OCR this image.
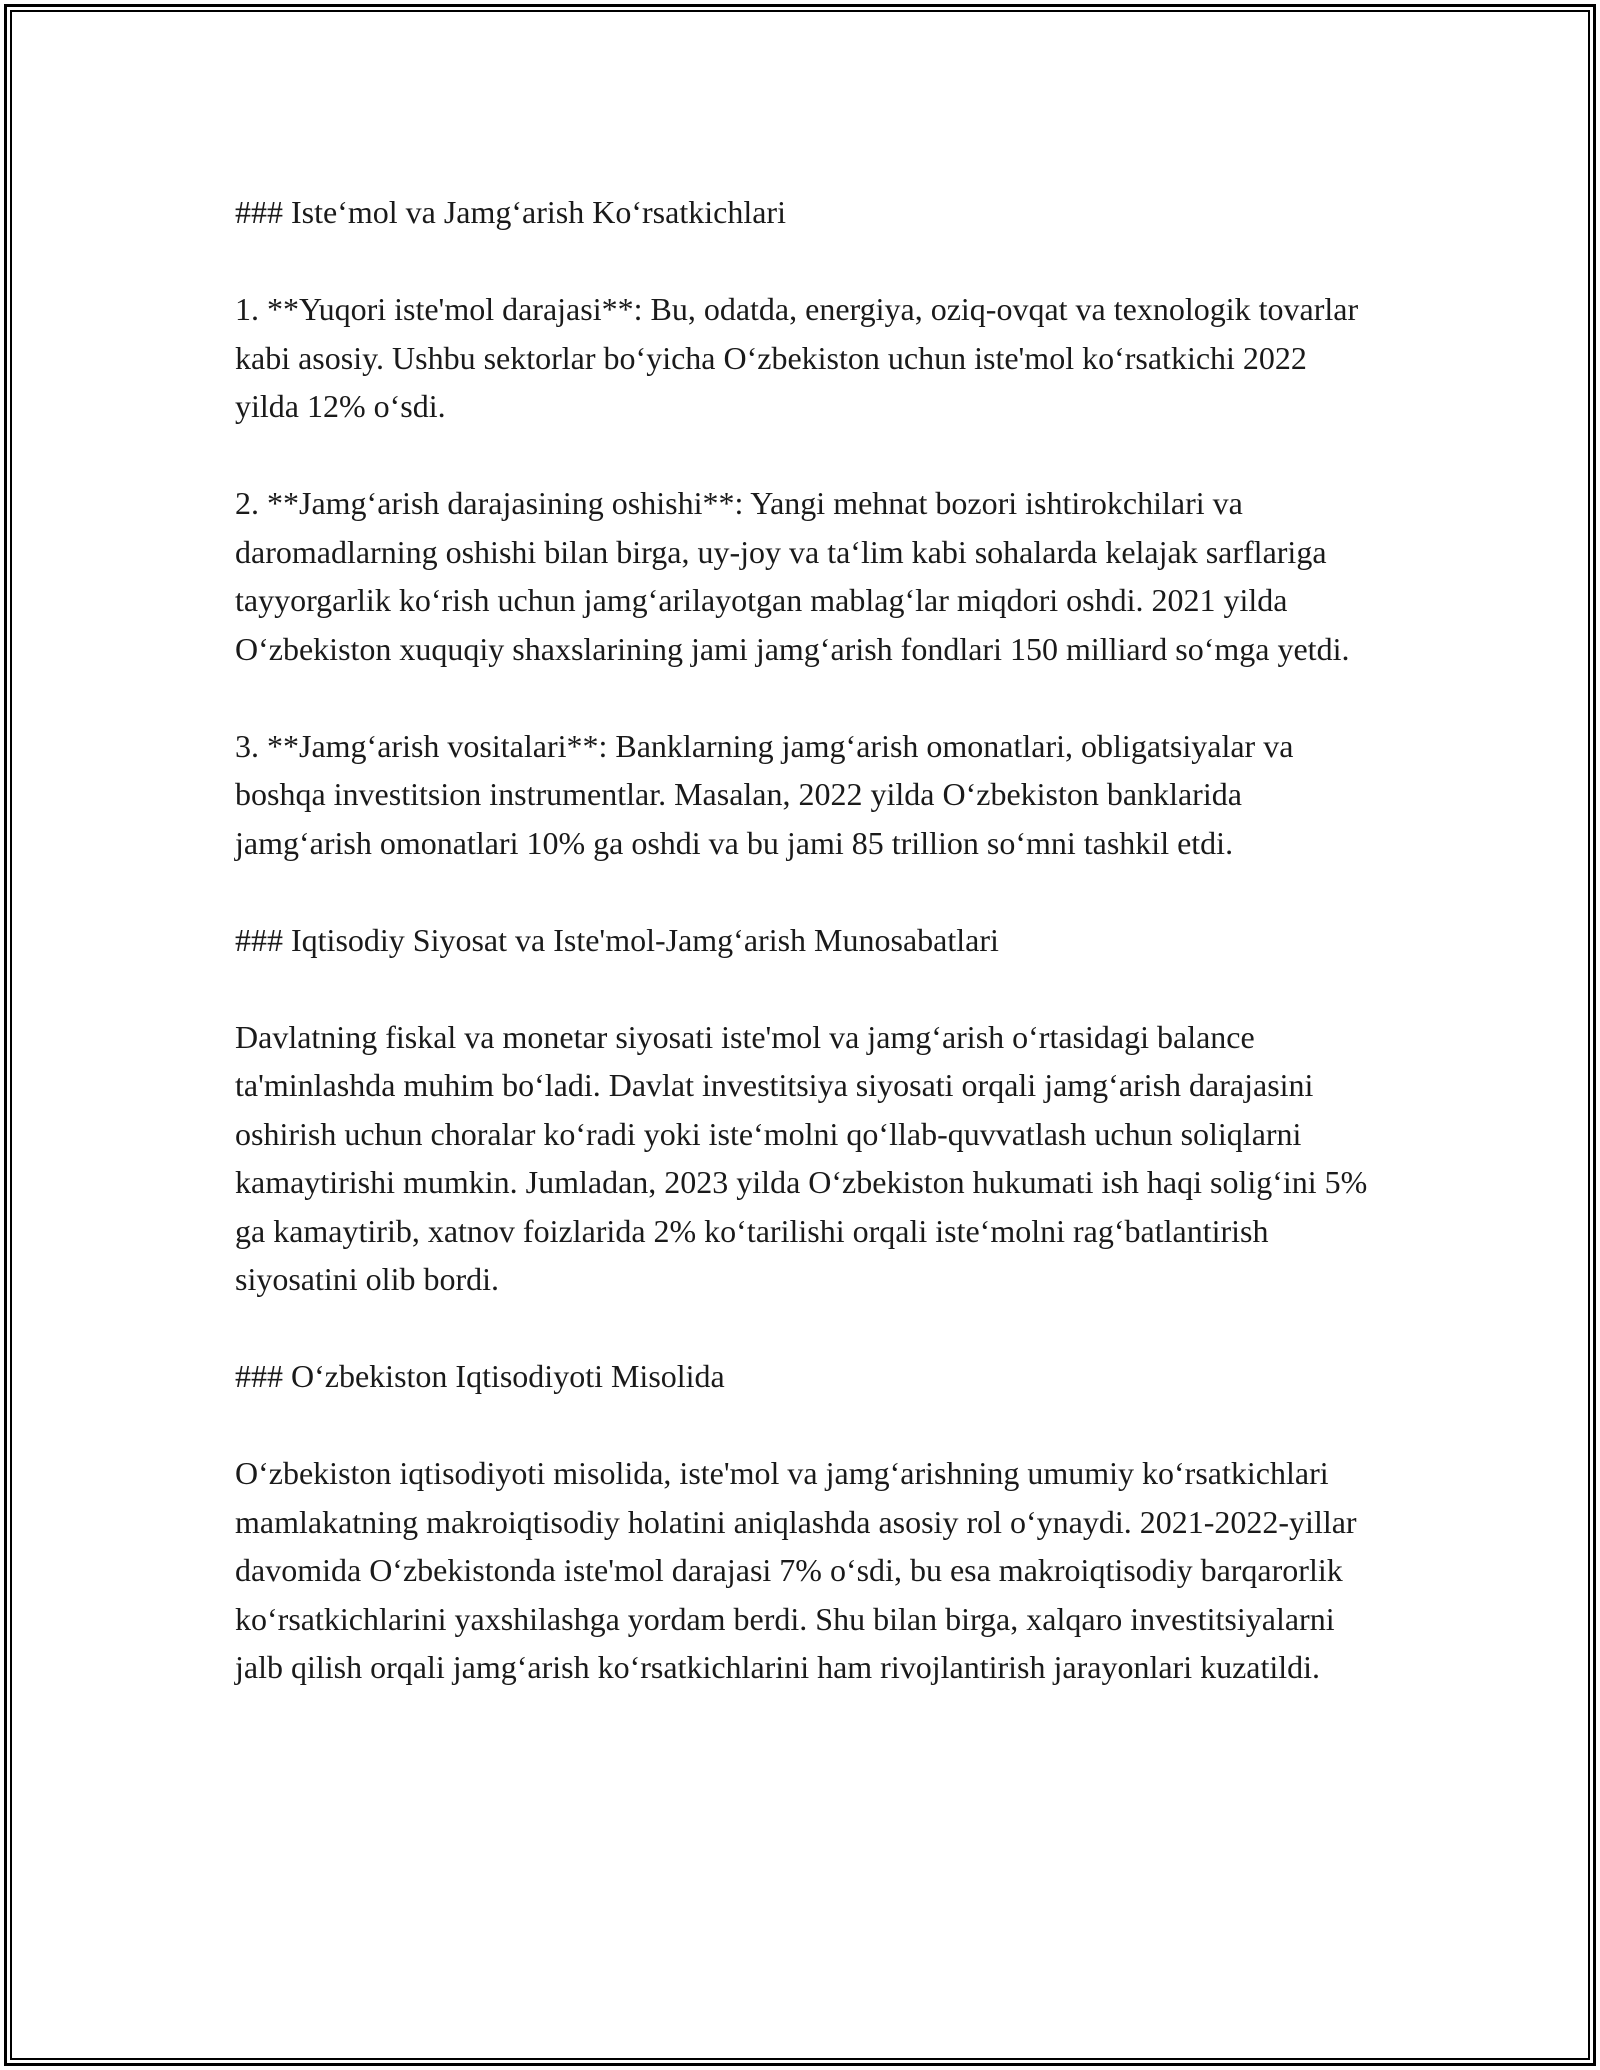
### Iste‘mol va Jamg‘arish Ko‘rsatkichlari

1. **Yuqori iste'mol darajasi**: Bu, odatda, energiya, oziq-ovqat va texnologik tovarlar kabi asosiy. Ushbu sektorlar bo‘yicha O‘zbekiston uchun iste'mol ko‘rsatkichi 2022 yilda 12% o‘sdi.

2. **Jamg‘arish darajasining oshishi**: Yangi mehnat bozori ishtirokchilari va daromadlarning oshishi bilan birga, uy-joy va ta‘lim kabi sohalarda kelajak sarflariga tayyorgarlik ko‘rish uchun jamg‘arilayotgan mablag‘lar miqdori oshdi. 2021 yilda O‘zbekiston xuquqiy shaxslarining jami jamg‘arish fondlari 150 milliard so‘mga yetdi.

3. **Jamg‘arish vositalari**: Banklarning jamg‘arish omonatlari, obligatsiyalar va boshqa investitsion instrumentlar. Masalan, 2022 yilda O‘zbekiston banklarida jamg‘arish omonatlari 10% ga oshdi va bu jami 85 trillion so‘mni tashkil etdi.

### Iqtisodiy Siyosat va Iste'mol-Jamg‘arish Munosabatlari

Davlatning fiskal va monetar siyosati iste'mol va jamg‘arish o‘rtasidagi balance ta'minlashda muhim bo‘ladi. Davlat investitsiya siyosati orqali jamg‘arish darajasini oshirish uchun choralar ko‘radi yoki iste‘molni qo‘llab-quvvatlash uchun soliqlarni kamaytirishi mumkin. Jumladan, 2023 yilda O‘zbekiston hukumati ish haqi solig‘ini 5% ga kamaytirib, xatnov foizlarida 2% ko‘tarilishi orqali iste‘molni rag‘batlantirish siyosatini olib bordi.

### O‘zbekiston Iqtisodiyoti Misolida

O‘zbekiston iqtisodiyoti misolida, iste'mol va jamg‘arishning umumiy ko‘rsatkichlari mamlakatning makroiqtisodiy holatini aniqlashda asosiy rol o‘ynaydi. 2021-2022-yillar davomida O‘zbekistonda iste'mol darajasi 7% o‘sdi, bu esa makroiqtisodiy barqarorlik ko‘rsatkichlarini yaxshilashga yordam berdi. Shu bilan birga, xalqaro investitsiyalarni jalb qilish orqali jamg‘arish ko‘rsatkichlarini ham rivojlantirish jarayonlari kuzatildi.
